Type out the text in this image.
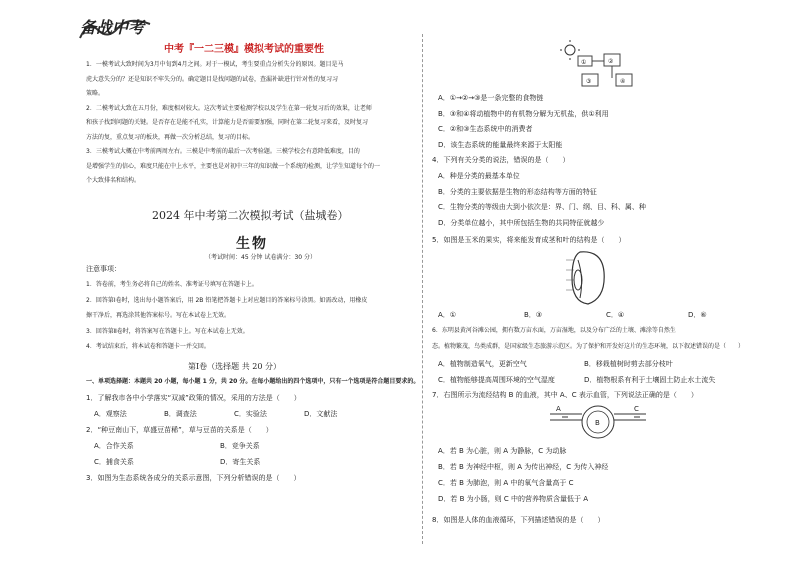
备战中考
中考『一二三模』模拟考试的重要性
1．一模考试大致时间为3月中旬到4月之间。对于一模试，考生要重点分析失分的原因。题目是马
虎大意失分的？还是知识不牢失分的。确定题目是找问题的试卷，查漏补缺进行针对性的复习习
策略。
2．二模考试大致在五月份，难度相对较大。这次考试主要检测学校以及学生在第一轮复习后的效果，让老师
和孩子找到问题的关键。是否存在是能不孔实，计算能力是否需要加强，同时在第二轮复习来看，及时复习
方法的复，重点复习的板块，再做一次分析总结，复习的目标。
3．三模考试大概在中考前两周左右。三模是中考前的最后一次考验题。三模学校会有意降低难度，目的
是增强学生的信心，难度只能在中上水平，主要也是对初中三年的知识做一个系统的检测，让学生知道每个的一
个大致排名和结构。
2024 年中考第二次模拟考试（盐城卷）
生物
（考试时间：45 分钟 试卷满分：30 分）
注意事项：
1．答卷前，考生务必将自己的姓名、准考证号填写在答题卡上。
2．回答第Ⅰ卷时，选出每小题答案后，用 2B 铅笔把答题卡上对应题目的答案标号涂黑。如需改动，用橡皮
擦干净后，再选涂其他答案标号。写在本试卷上无效。
3．回答第Ⅱ卷时，将答案写在答题卡上。写在本试卷上无效。
4．考试结束后，将本试卷和答题卡一并交回。
第Ⅰ卷（选择题 共 20 分）
一、单项选择题：本题共 20 小题，每小题 1 分，共 20 分。在每小题给出的四个选项中，只有一个选项是符合题目要求的。
1．了解我市各中小学落实“双减”政策的情况，采用的方法是（　　）
A．观察法	B．调查法	C．实验法	D．文献法
2．“种豆南山下，草盛豆苗稀”，草与豆苗的关系是（　　）
A．合作关系	B．竞争关系
C．捕食关系	D．寄生关系
3．如图为生态系统各成分的关系示意图，下列分析错误的是（　　）
①	②
③	④
A．①→②→③是一条完整的食物链
B．③和④将动植物中的有机物分解为无机盐，供①利用
C．②和③生态系统中的消费者
D．该生态系统的能量最终来源于太阳能
4．下列有关分类的说法，错误的是（　　）
A．种是分类的最基本单位
B．分类的主要依据是生物的形态结构等方面的特征
C．生物分类的等级由大到小依次是：界、门、纲、目、科、属、种
D．分类单位越小，其中所包括生物的共同特征就越少
5．如图是玉米的果实，将来能发育成茎和叶的结构是（　　）
A．①	B．③	C．④	D．⑥
6．东明县黄河谷滩公园，拥有数万亩水面，万亩湿地，以及分布广泛的土壤、滩涂等自然生
态。植物繁茂，鸟类成群，是国家级生态旅游示范区。为了保护和开发好这片的生态环境，以下叙述错误的是（　　）
A．植物制造氧气，更新空气	B．移栽植树时剪去部分枝叶
C．植物能够提高周围环境的空气湿度	D．植物根系有利于土壤固土防止水土流失
7．右图所示为流经结构 B 的血液，其中 A、C 表示血管，下列说法正确的是（　　）
A
B
C
A．若 B 为心脏，则 A 为静脉，C 为动脉
B．若 B 为神经中枢，则 A 为传出神经，C 为传入神经
C．若 B 为肺泡，则 A 中的氧气含量高于 C
D．若 B 为小肠，则 C 中的营养物质含量低于 A
8．如图是人体的血液循环，下列描述错误的是（　　）
